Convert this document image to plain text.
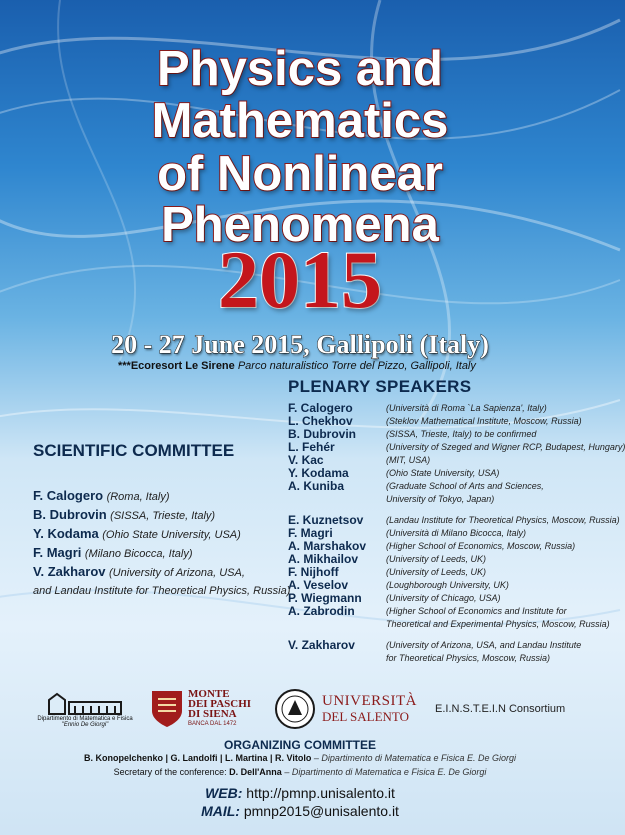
Physics and
Mathematics
of Nonlinear
Phenomena
2015
20 - 27 June 2015, Gallipoli (Italy)
***Ecoresort Le Sirene Parco naturalistico Torre del Pizzo, Gallipoli, Italy
PLENARY SPEAKERS
F. Calogero	(Università di Roma `La Sapienza', Italy)
L. Chekhov	(Steklov Mathematical Institute, Moscow, Russia)
B. Dubrovin	(SISSA, Trieste, Italy) to be confirmed
L. Fehér	(University of Szeged and Wigner RCP, Budapest, Hungary)
V. Kac	(MIT, USA)
Y. Kodama	(Ohio State University, USA)
A. Kuniba	(Graduate School of Arts and Sciences,
University of Tokyo, Japan)
E. Kuznetsov	(Landau Institute for Theoretical Physics, Moscow, Russia)
F. Magri	(Università di Milano Bicocca, Italy)
A. Marshakov	(Higher School of Economics, Moscow, Russia)
A. Mikhailov	(University of Leeds, UK)
F. Nijhoff	(University of Leeds, UK)
A. Veselov	(Loughborough University, UK)
P. Wiegmann	(University of Chicago, USA)
A. Zabrodin	(Higher School of Economics and Institute for
Theoretical and Experimental Physics, Moscow, Russia)
V. Zakharov	(University of Arizona, USA, and Landau Institute
for Theoretical Physics, Moscow, Russia)
SCIENTIFIC COMMITTEE
F. Calogero (Roma, Italy)
B. Dubrovin (SISSA, Trieste, Italy)
Y. Kodama (Ohio State University, USA)
F. Magri (Milano Bicocca, Italy)
V. Zakharov (University of Arizona, USA,
and Landau Institute for Theoretical Physics, Russia)
Dipartimento di Matematica e Fisica
"Ennio De Giorgi"
MONTE
DEI PASCHI
DI SIENA
BANCA DAL 1472
UNIVERSITÀ
DEL SALENTO	E.I.N.S.T.E.I.N Consortium
ORGANIZING COMMITTEE
B. Konopelchenko | G. Landolfi | L. Martina | R. Vitolo – Dipartimento di Matematica e Fisica E. De Giorgi
Secretary of the conference: D. Dell'Anna – Dipartimento di Matematica e Fisica E. De Giorgi
WEB: http://pmnp.unisalento.it
MAIL: pmnp2015@unisalento.it
